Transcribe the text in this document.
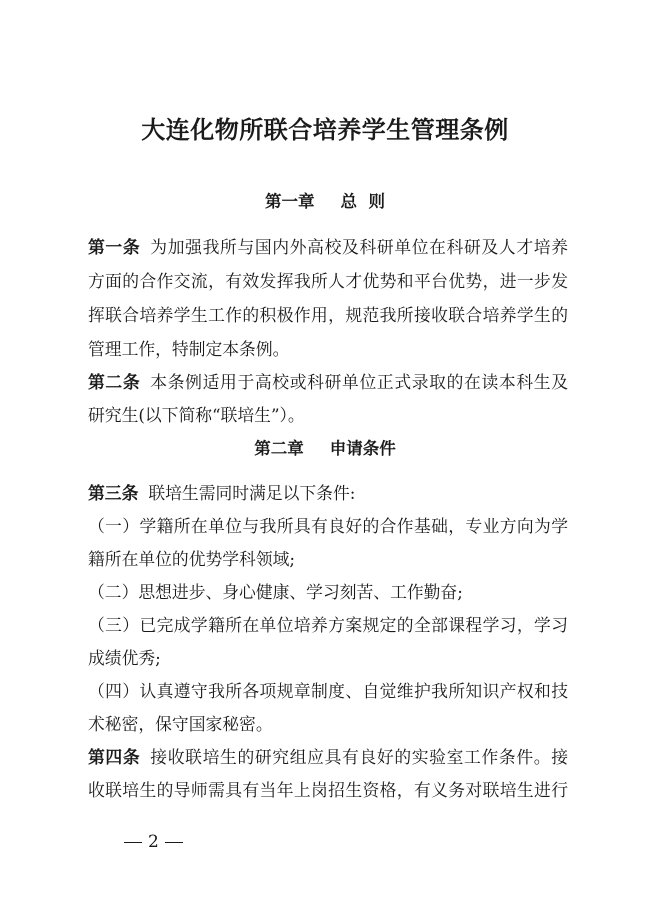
大连化物所联合培养学生管理条例
第一章 总  则
第一条 为加强我所与国内外高校及科研单位在科研及人才培养
方面的合作交流，有效发挥我所人才优势和平台优势，进一步发
挥联合培养学生工作的积极作用，规范我所接收联合培养学生的
管理工作，特制定本条例。
第二条 本条例适用于高校或科研单位正式录取的在读本科生及
研究生(以下简称“联培生”）。
第二章 申请条件
第三条 联培生需同时满足以下条件:
（一）学籍所在单位与我所具有良好的合作基础，专业方向为学
籍所在单位的优势学科领域;
（二）思想进步、身心健康、学习刻苦、工作勤奋;
（三）已完成学籍所在单位培养方案规定的全部课程学习，学习
成绩优秀;
（四）认真遵守我所各项规章制度、自觉维护我所知识产权和技
术秘密，保守国家秘密。
第四条 接收联培生的研究组应具有良好的实验室工作条件。接
收联培生的导师需具有当年上岗招生资格，有义务对联培生进行
2
